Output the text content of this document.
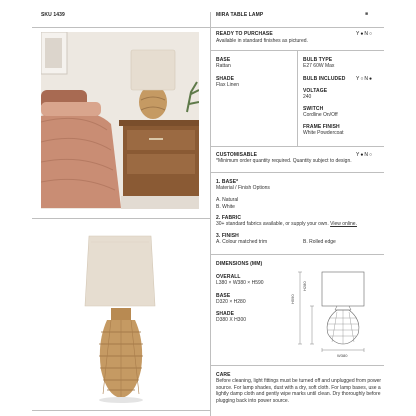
SKU 1439	MIRA TABLE LAMP	■
READY TO PURCHASE	Y●N○
Available in standard finishes as pictured.
BASE
Rattan
SHADE
Flax Linen
BULB TYPE
E27 60W Max
BULB INCLUDED Y○N●
VOLTAGE
240
SWITCH
Cordline On/Off
FRAME FINISH
White Powdercoat
CUSTOMISABLE	Y●N○
*Minimum order quantity required. Quantity subject to design.
1. BASE*
Material / Finish Options
A. Natural
B. White
2. FABRIC
30+ standard fabrics available, or supply your own. View online.
3. FINISH
A. Colour matched trim	B. Rolled edge
DIMENSIONS (MM)
OVERALL
L380 × W380 × H590
BASE
D320 × H280
SHADE
D380 X H300
H590
H280
W380
CARE
Before cleaning, light fittings must be turned off and unplugged from power source. For lamp shades, dust with a dry, soft cloth. For lamp bases, use a lightly damp cloth and gently wipe marks until clean. Dry thoroughly before plugging back into power source.
